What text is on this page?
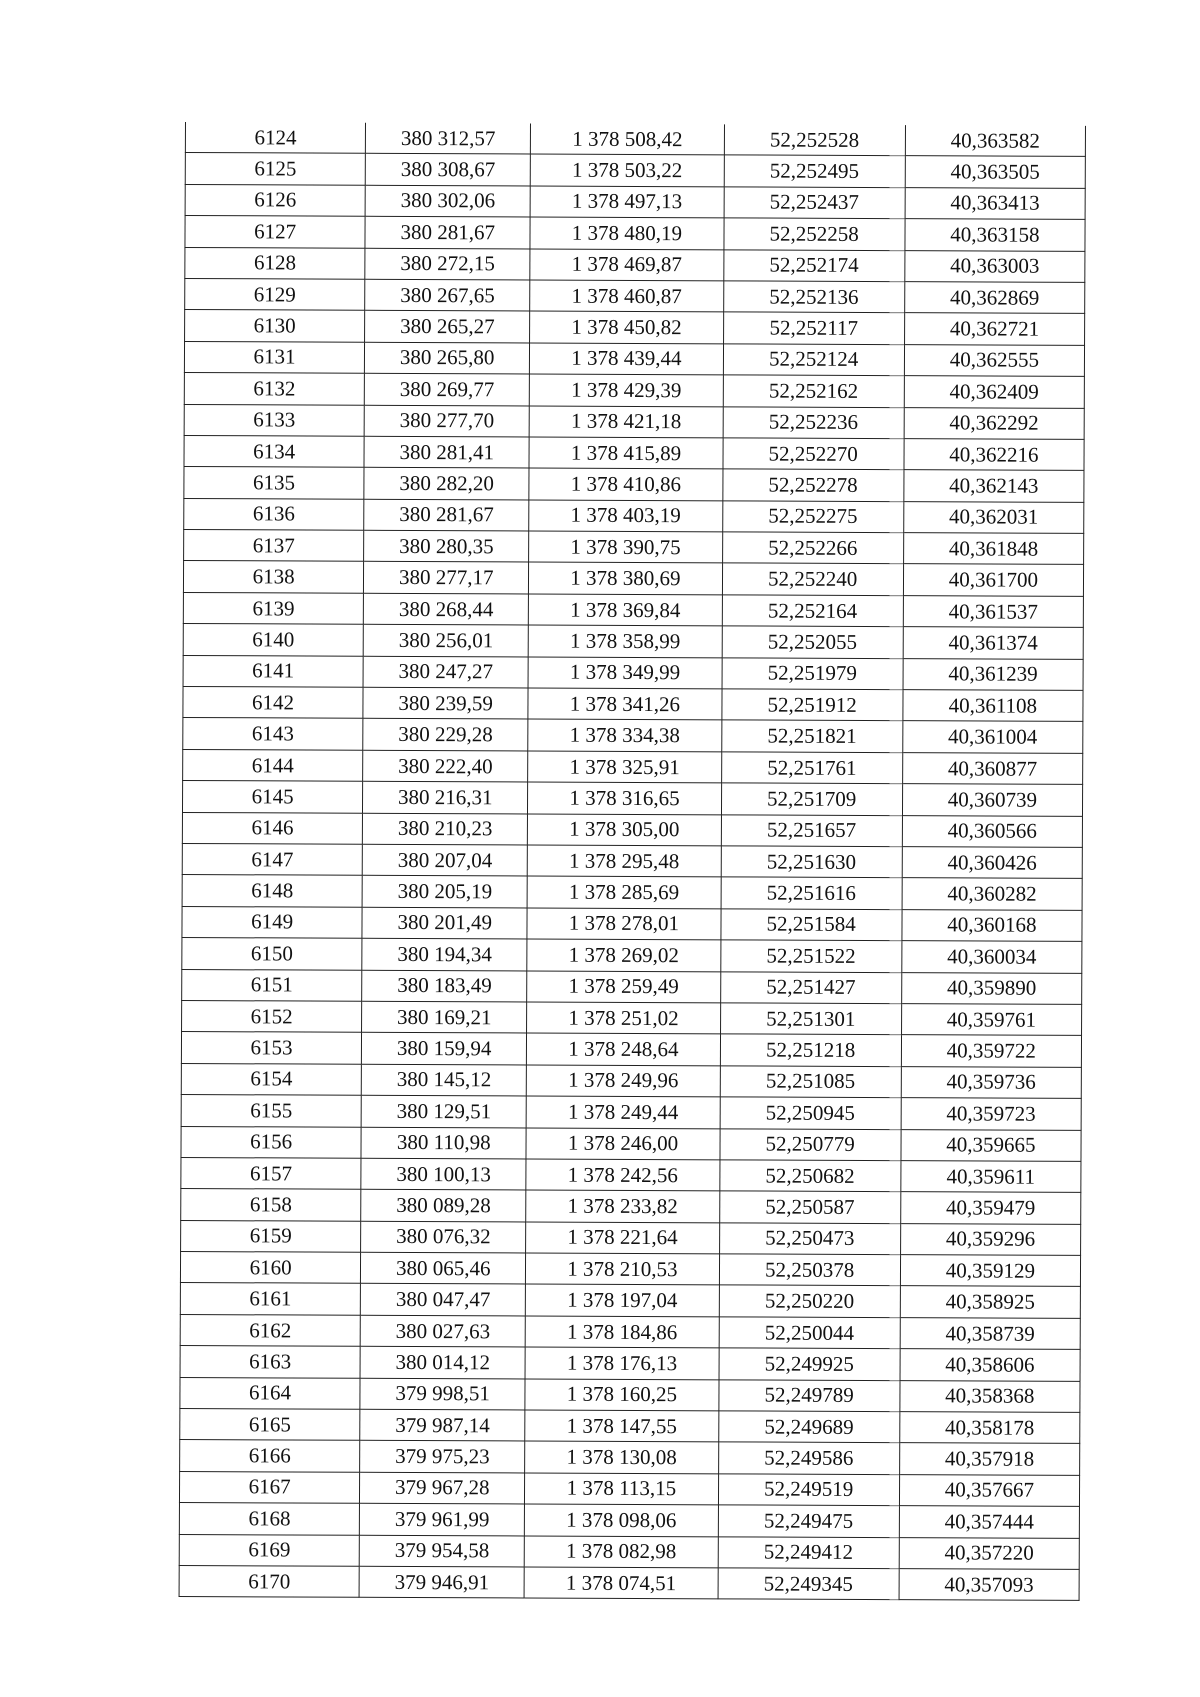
6124	380 312,57	1 378 508,42	52,252528	40,363582
6125	380 308,67	1 378 503,22	52,252495	40,363505
6126	380 302,06	1 378 497,13	52,252437	40,363413
6127	380 281,67	1 378 480,19	52,252258	40,363158
6128	380 272,15	1 378 469,87	52,252174	40,363003
6129	380 267,65	1 378 460,87	52,252136	40,362869
6130	380 265,27	1 378 450,82	52,252117	40,362721
6131	380 265,80	1 378 439,44	52,252124	40,362555
6132	380 269,77	1 378 429,39	52,252162	40,362409
6133	380 277,70	1 378 421,18	52,252236	40,362292
6134	380 281,41	1 378 415,89	52,252270	40,362216
6135	380 282,20	1 378 410,86	52,252278	40,362143
6136	380 281,67	1 378 403,19	52,252275	40,362031
6137	380 280,35	1 378 390,75	52,252266	40,361848
6138	380 277,17	1 378 380,69	52,252240	40,361700
6139	380 268,44	1 378 369,84	52,252164	40,361537
6140	380 256,01	1 378 358,99	52,252055	40,361374
6141	380 247,27	1 378 349,99	52,251979	40,361239
6142	380 239,59	1 378 341,26	52,251912	40,361108
6143	380 229,28	1 378 334,38	52,251821	40,361004
6144	380 222,40	1 378 325,91	52,251761	40,360877
6145	380 216,31	1 378 316,65	52,251709	40,360739
6146	380 210,23	1 378 305,00	52,251657	40,360566
6147	380 207,04	1 378 295,48	52,251630	40,360426
6148	380 205,19	1 378 285,69	52,251616	40,360282
6149	380 201,49	1 378 278,01	52,251584	40,360168
6150	380 194,34	1 378 269,02	52,251522	40,360034
6151	380 183,49	1 378 259,49	52,251427	40,359890
6152	380 169,21	1 378 251,02	52,251301	40,359761
6153	380 159,94	1 378 248,64	52,251218	40,359722
6154	380 145,12	1 378 249,96	52,251085	40,359736
6155	380 129,51	1 378 249,44	52,250945	40,359723
6156	380 110,98	1 378 246,00	52,250779	40,359665
6157	380 100,13	1 378 242,56	52,250682	40,359611
6158	380 089,28	1 378 233,82	52,250587	40,359479
6159	380 076,32	1 378 221,64	52,250473	40,359296
6160	380 065,46	1 378 210,53	52,250378	40,359129
6161	380 047,47	1 378 197,04	52,250220	40,358925
6162	380 027,63	1 378 184,86	52,250044	40,358739
6163	380 014,12	1 378 176,13	52,249925	40,358606
6164	379 998,51	1 378 160,25	52,249789	40,358368
6165	379 987,14	1 378 147,55	52,249689	40,358178
6166	379 975,23	1 378 130,08	52,249586	40,357918
6167	379 967,28	1 378 113,15	52,249519	40,357667
6168	379 961,99	1 378 098,06	52,249475	40,357444
6169	379 954,58	1 378 082,98	52,249412	40,357220
6170	379 946,91	1 378 074,51	52,249345	40,357093
